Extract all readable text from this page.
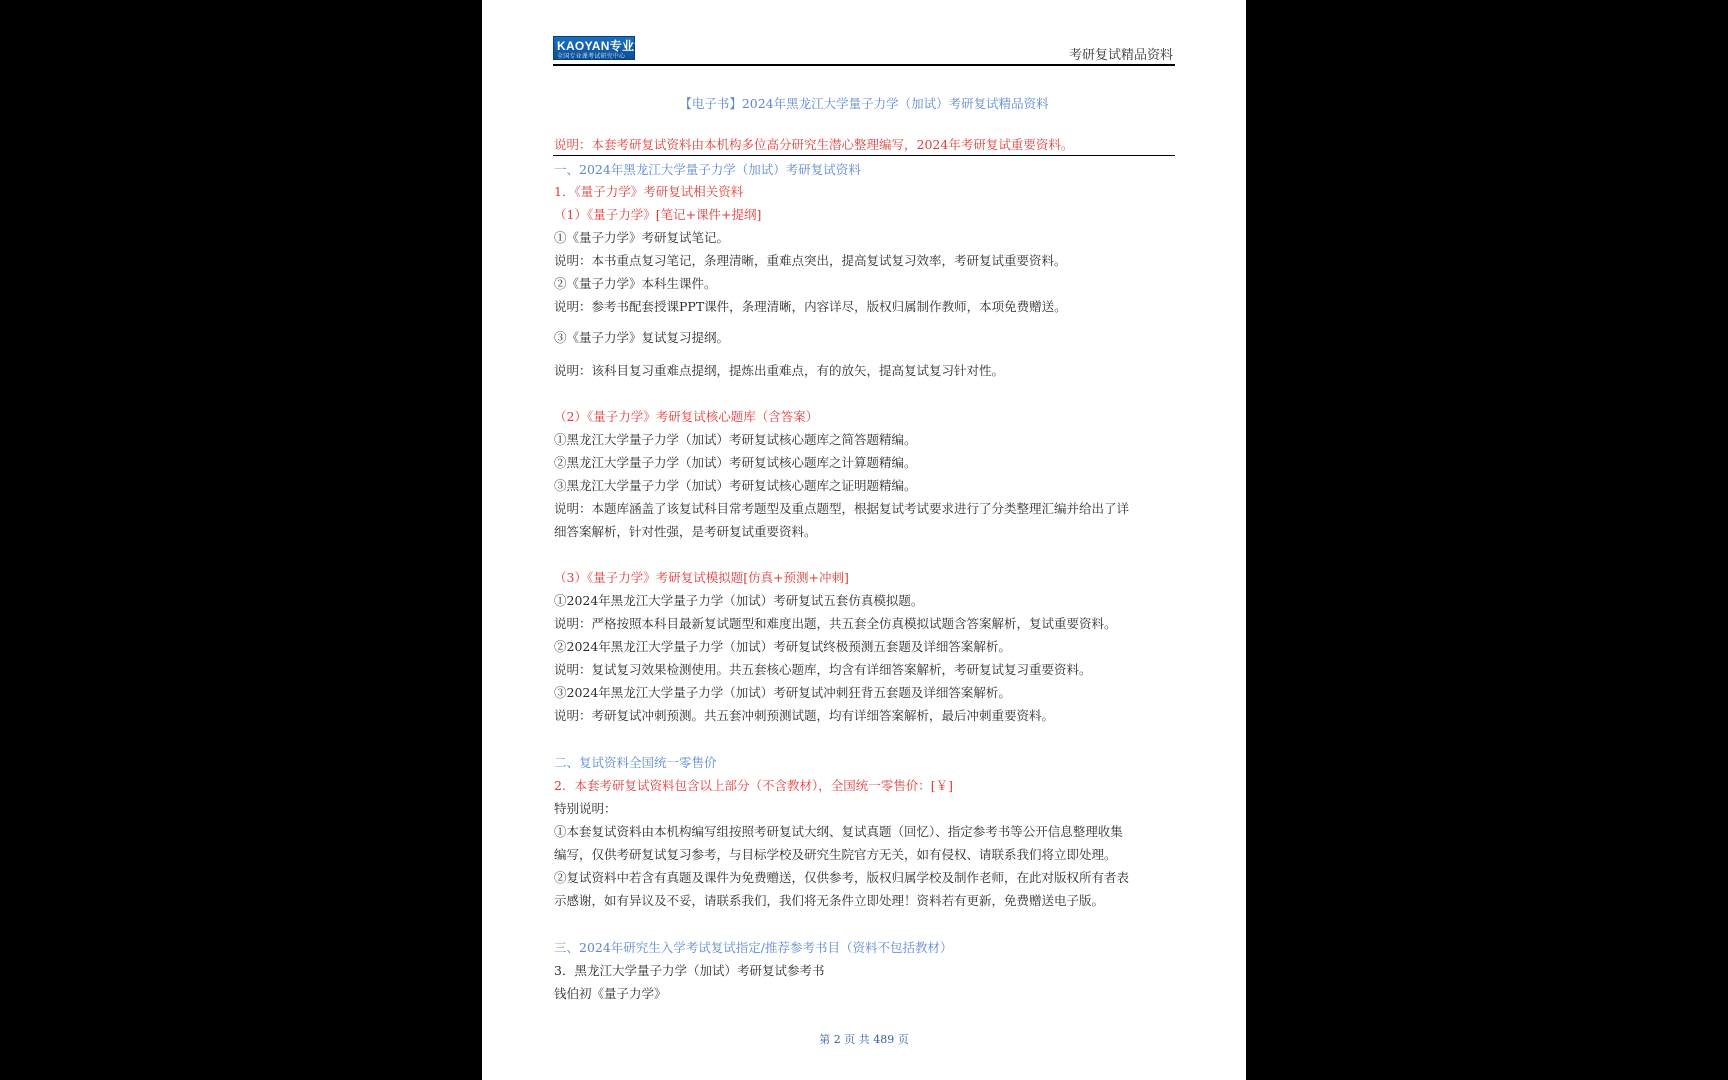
KAOYAN专业课
全国专业课考试研究中心	考研复试精品资料
【电子书】2024年黑龙江大学量子力学（加试）考研复试精品资料
说明：本套考研复试资料由本机构多位高分研究生潜心整理编写，2024年考研复试重要资料。
一、2024年黑龙江大学量子力学（加试）考研复试资料
1．《量子力学》考研复试相关资料
（1）《量子力学》[笔记+课件+提纲]
①《量子力学》考研复试笔记。
说明：本书重点复习笔记，条理清晰，重难点突出，提高复试复习效率，考研复试重要资料。
②《量子力学》本科生课件。
说明：参考书配套授课PPT课件，条理清晰，内容详尽，版权归属制作教师，本项免费赠送。
③《量子力学》复试复习提纲。
说明：该科目复习重难点提纲，提炼出重难点，有的放矢，提高复试复习针对性。
（2）《量子力学》考研复试核心题库（含答案）
①黑龙江大学量子力学（加试）考研复试核心题库之简答题精编。
②黑龙江大学量子力学（加试）考研复试核心题库之计算题精编。
③黑龙江大学量子力学（加试）考研复试核心题库之证明题精编。
说明：本题库涵盖了该复试科目常考题型及重点题型，根据复试考试要求进行了分类整理汇编并给出了详
细答案解析，针对性强，是考研复试重要资料。
（3）《量子力学》考研复试模拟题[仿真+预测+冲刺]
①2024年黑龙江大学量子力学（加试）考研复试五套仿真模拟题。
说明：严格按照本科目最新复试题型和难度出题，共五套全仿真模拟试题含答案解析，复试重要资料。
②2024年黑龙江大学量子力学（加试）考研复试终极预测五套题及详细答案解析。
说明：复试复习效果检测使用。共五套核心题库，均含有详细答案解析，考研复试复习重要资料。
③2024年黑龙江大学量子力学（加试）考研复试冲刺狂背五套题及详细答案解析。
说明：考研复试冲刺预测。共五套冲刺预测试题，均有详细答案解析，最后冲刺重要资料。
二、复试资料全国统一零售价
2．本套考研复试资料包含以上部分（不含教材），全国统一零售价：[￥]
特别说明：
①本套复试资料由本机构编写组按照考研复试大纲、复试真题（回忆）、指定参考书等公开信息整理收集
编写，仅供考研复试复习参考，与目标学校及研究生院官方无关，如有侵权、请联系我们将立即处理。
②复试资料中若含有真题及课件为免费赠送，仅供参考，版权归属学校及制作老师，在此对版权所有者表
示感谢，如有异议及不妥，请联系我们，我们将无条件立即处理！资料若有更新，免费赠送电子版。
三、2024年研究生入学考试复试指定/推荐参考书目（资料不包括教材）
3．黑龙江大学量子力学（加试）考研复试参考书
钱伯初《量子力学》
第 2 页 共 489 页
